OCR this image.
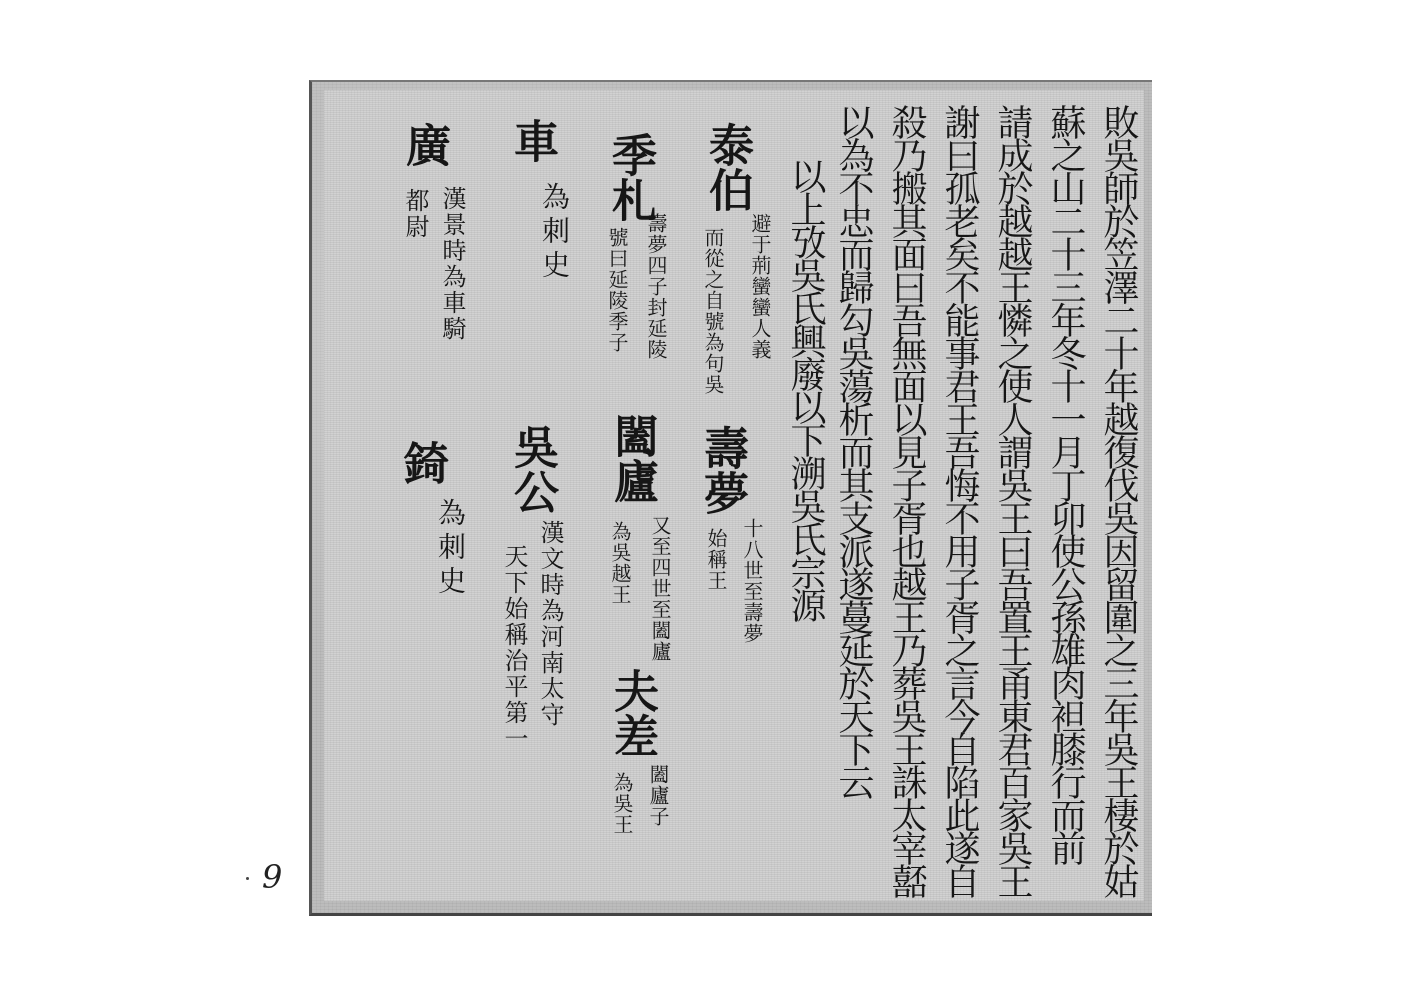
敗吳師於笠澤二十年越復伐吳因留圍之三年吳王棲於姑
蘇之山二十三年冬十一月丁卯使公孫雄肉袒膝行而前
請成於越越王憐之使人謂吳王曰吾置王甬東君百家吳王
謝曰孤老矣不能事君王吾悔不用子胥之言今自陷此遂自
殺乃搬其面曰吾無面以見子胥也越王乃葬吳王誅太宰嚭
以為不忠而歸勾吳蕩析而其支派遂蔓延於天下云
以上攷吳氏興廢以下溯吳氏宗源
泰伯
避于荊蠻蠻人義
而從之自號為句吳
壽夢
十八世至壽夢
始稱王
季札
壽夢四子封延陵
號曰延陵季子
闔廬
又至四世至闔廬
為吳越王
夫差
闔廬子
為吳王
車
為刺史
吳公
漢文時為河南太守
天下始稱治平第一
廣
漢景時為車騎
都尉
錡
為刺史
9
